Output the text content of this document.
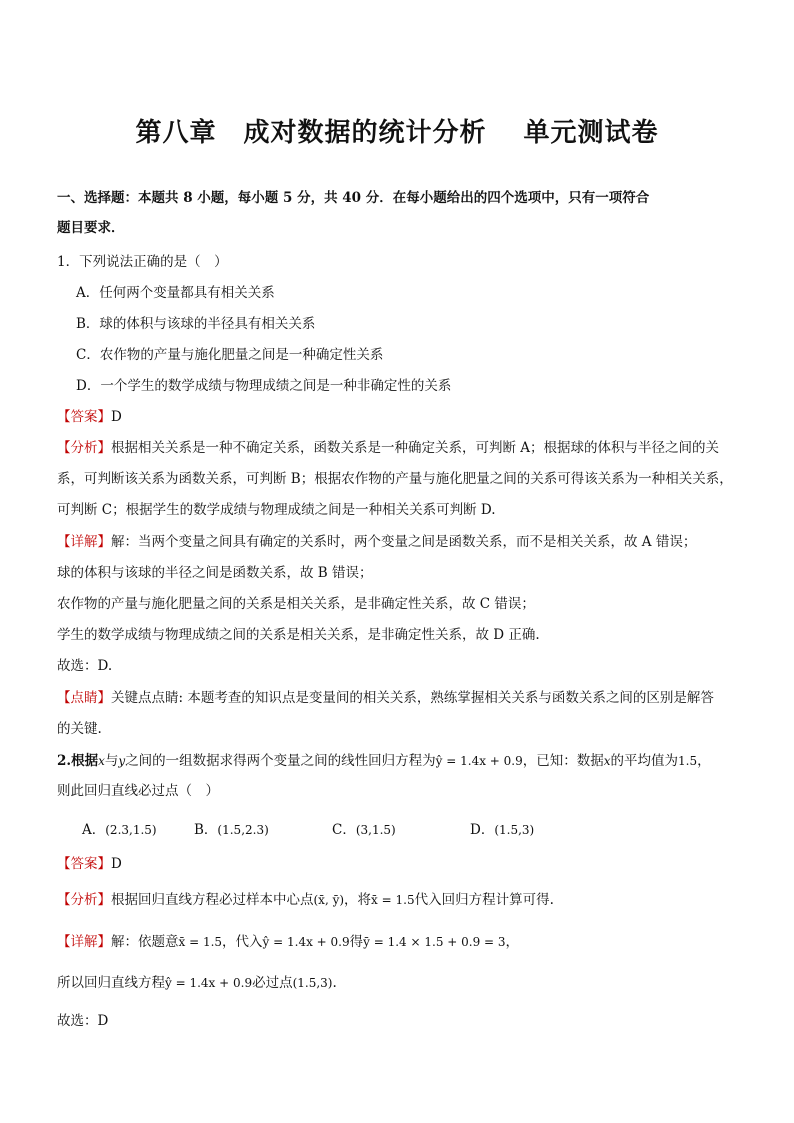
第八章　成对数据的统计分析　 单元测试卷
一、选择题：本题共 8 小题，每小题 5 分，共 40 分．在每小题给出的四个选项中，只有一项符合
题目要求．
1．下列说法正确的是（　）
A．任何两个变量都具有相关关系
B．球的体积与该球的半径具有相关关系
C．农作物的产量与施化肥量之间是一种确定性关系
D．一个学生的数学成绩与物理成绩之间是一种非确定性的关系
【答案】D
【分析】根据相关关系是一种不确定关系，函数关系是一种确定关系，可判断 A；根据球的体积与半径之间的关
系，可判断该关系为函数关系，可判断 B；根据农作物的产量与施化肥量之间的关系可得该关系为一种相关关系，
可判断 C；根据学生的数学成绩与物理成绩之间是一种相关关系可判断 D.
【详解】解：当两个变量之间具有确定的关系时，两个变量之间是函数关系，而不是相关关系，故 A 错误；
球的体积与该球的半径之间是函数关系，故 B 错误；
农作物的产量与施化肥量之间的关系是相关关系，是非确定性关系，故 C 错误；
学生的数学成绩与物理成绩之间的关系是相关关系，是非确定性关系，故 D 正确.
故选：D.
【点睛】关键点点睛: 本题考查的知识点是变量间的相关关系，熟练掌握相关关系与函数关系之间的区别是解答
的关键.
2.根据x与y之间的一组数据求得两个变量之间的线性回归方程为ŷ = 1.4x + 0.9，已知：数据x的平均值为1.5，
则此回归直线必过点（　）
A．(2.3,1.5)	B．(1.5,2.3)	C．(3,1.5)	D．(1.5,3)
【答案】D
【分析】根据回归直线方程必过样本中心点(x̄, ȳ)，将x̄ = 1.5代入回归方程计算可得.
【详解】解：依题意x̄ = 1.5，代入ŷ = 1.4x + 0.9得ȳ = 1.4 × 1.5 + 0.9 = 3，
所以回归直线方程ŷ = 1.4x + 0.9必过点(1.5,3).
故选：D
